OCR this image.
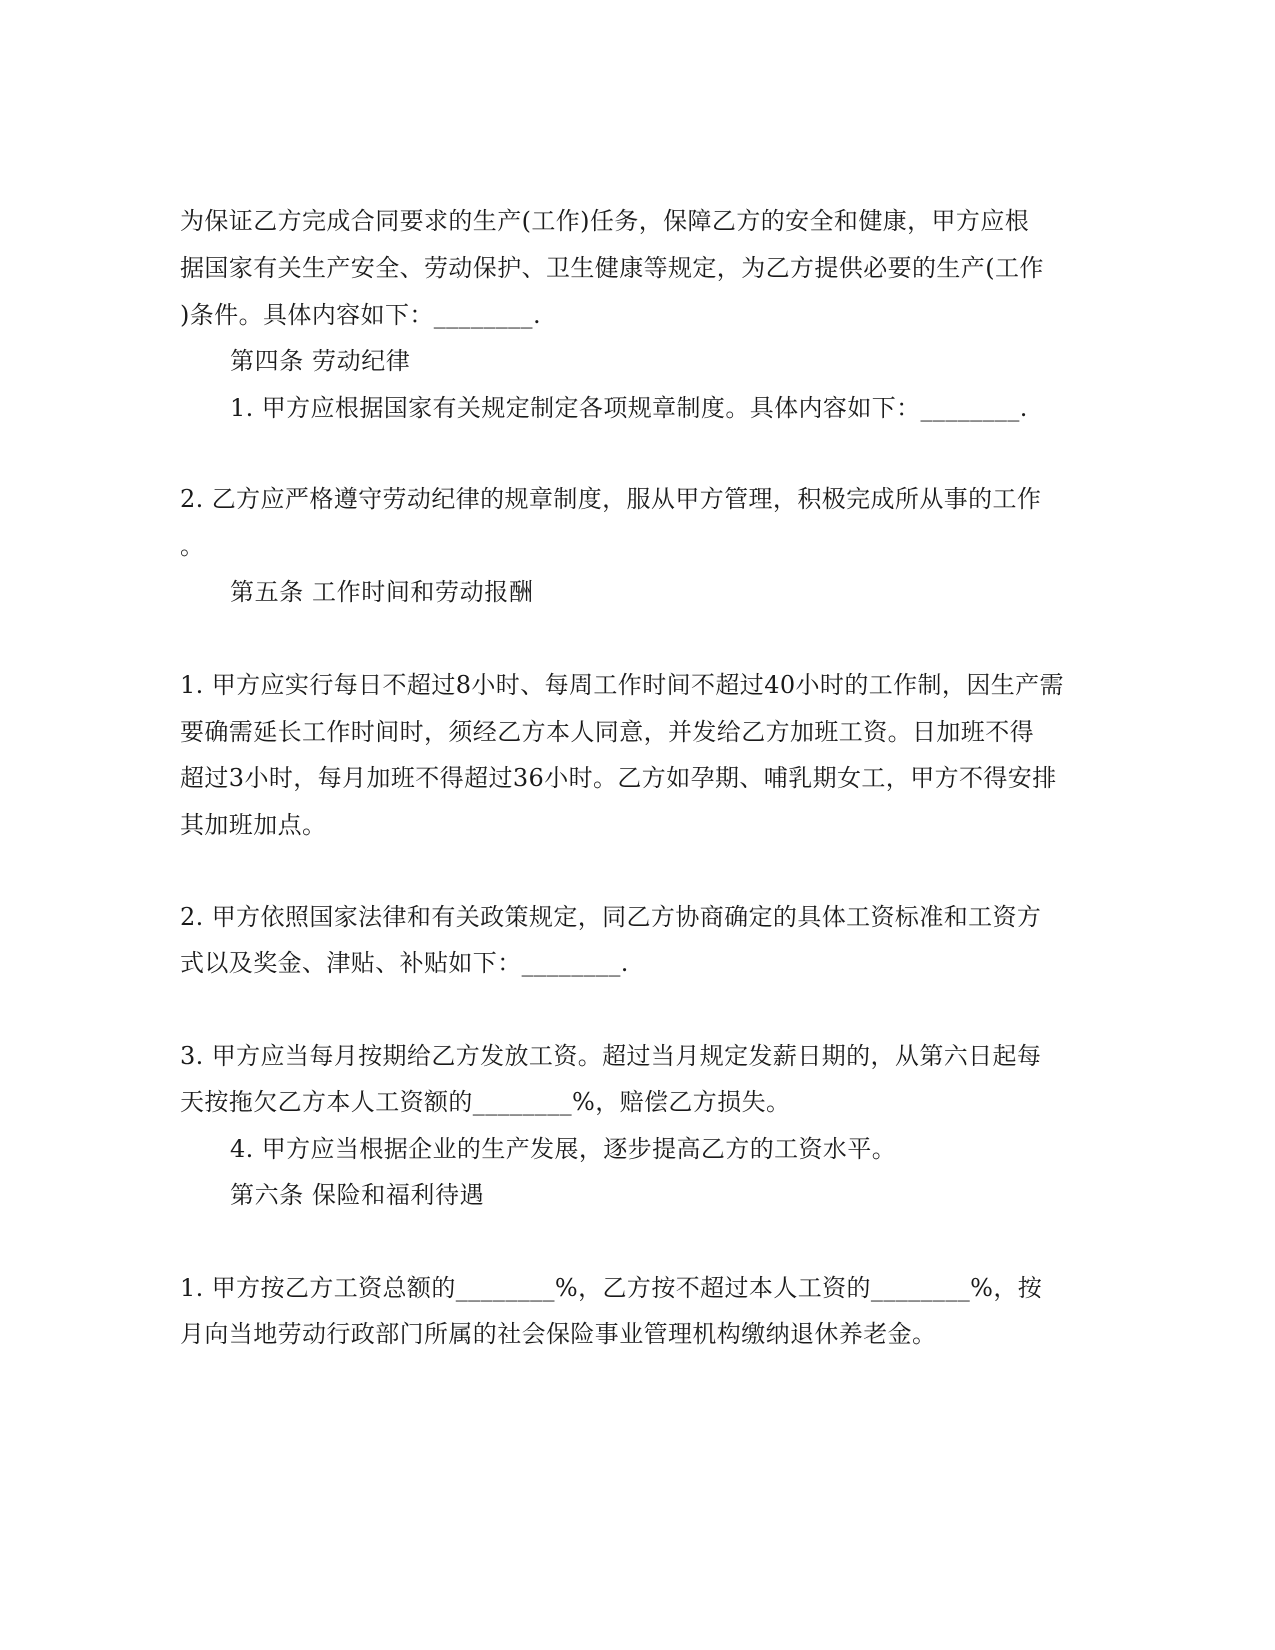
为保证乙方完成合同要求的生产(工作)任务，保障乙方的安全和健康，甲方应根
据国家有关生产安全、劳动保护、卫生健康等规定，为乙方提供必要的生产(工作
)条件。具体内容如下：________.
第四条 劳动纪律
1. 甲方应根据国家有关规定制定各项规章制度。具体内容如下：________.
2. 乙方应严格遵守劳动纪律的规章制度，服从甲方管理，积极完成所从事的工作
。
第五条 工作时间和劳动报酬
1. 甲方应实行每日不超过8小时、每周工作时间不超过40小时的工作制，因生产需
要确需延长工作时间时，须经乙方本人同意，并发给乙方加班工资。日加班不得
超过3小时，每月加班不得超过36小时。乙方如孕期、哺乳期女工，甲方不得安排
其加班加点。
2. 甲方依照国家法律和有关政策规定，同乙方协商确定的具体工资标准和工资方
式以及奖金、津贴、补贴如下：________.
3. 甲方应当每月按期给乙方发放工资。超过当月规定发薪日期的，从第六日起每
天按拖欠乙方本人工资额的________%，赔偿乙方损失。
4. 甲方应当根据企业的生产发展，逐步提高乙方的工资水平。
第六条 保险和福利待遇
1. 甲方按乙方工资总额的________%，乙方按不超过本人工资的________%，按
月向当地劳动行政部门所属的社会保险事业管理机构缴纳退休养老金。
